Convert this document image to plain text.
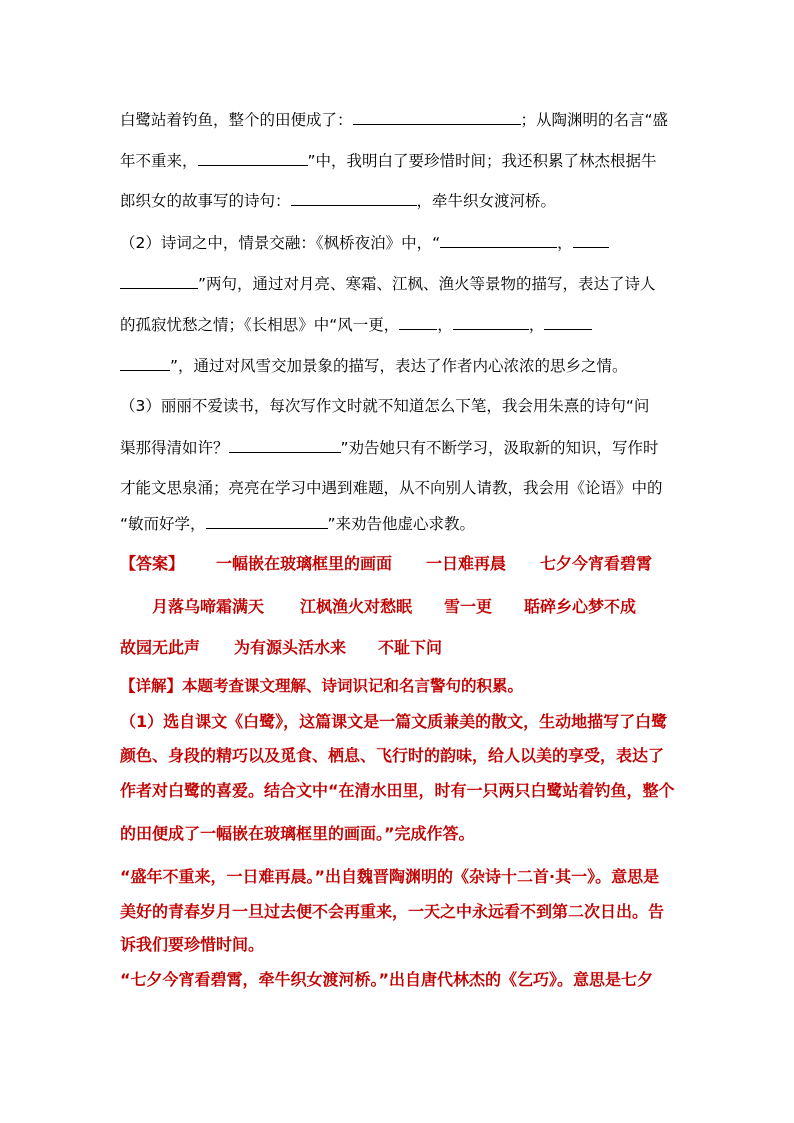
白鹭站着钓鱼，整个的田便成了：	；从陶渊明的名言“盛
年不重来，	”中，我明白了要珍惜时间；我还积累了林杰根据牛
郎织女的故事写的诗句：	，牵牛织女渡河桥。
（2）诗词之中，情景交融：《枫桥夜泊》中，“	，
”两句，通过对月亮、寒霜、江枫、渔火等景物的描写，表达了诗人
的孤寂忧愁之情；《长相思》中“风一更， ，	，
”，通过对风雪交加景象的描写，表达了作者内心浓浓的思乡之情。
（3）丽丽不爱读书，每次写作文时就不知道怎么下笔，我会用朱熹的诗句“问
渠那得清如许？	”劝告她只有不断学习，汲取新的知识，写作时
才能文思泉涌；亮亮在学习中遇到难题，从不向别人请教，我会用《论语》中的
“敏而好学，	”来劝告他虚心求教。
【答案】 一幅嵌在玻璃框里的画面 一日难再晨 七夕今宵看碧霄
月落乌啼霜满天 江枫渔火对愁眠 雪一更 聒碎乡心梦不成
故园无此声 为有源头活水来 不耻下问
【详解】本题考查课文理解、诗词识记和名言警句的积累。
（1）选自课文《白鹭》，这篇课文是一篇文质兼美的散文，生动地描写了白鹭
颜色、身段的精巧以及觅食、栖息、飞行时的韵味，给人以美的享受，表达了
作者对白鹭的喜爱。结合文中“在清水田里，时有一只两只白鹭站着钓鱼，整个
的田便成了一幅嵌在玻璃框里的画面。”完成作答。
“盛年不重来，一日难再晨。”出自魏晋陶渊明的《杂诗十二首·其一》。意思是
美好的青春岁月一旦过去便不会再重来，一天之中永远看不到第二次日出。告
诉我们要珍惜时间。
“七夕今宵看碧霄，牵牛织女渡河桥。”出自唐代林杰的《乞巧》。意思是七夕
